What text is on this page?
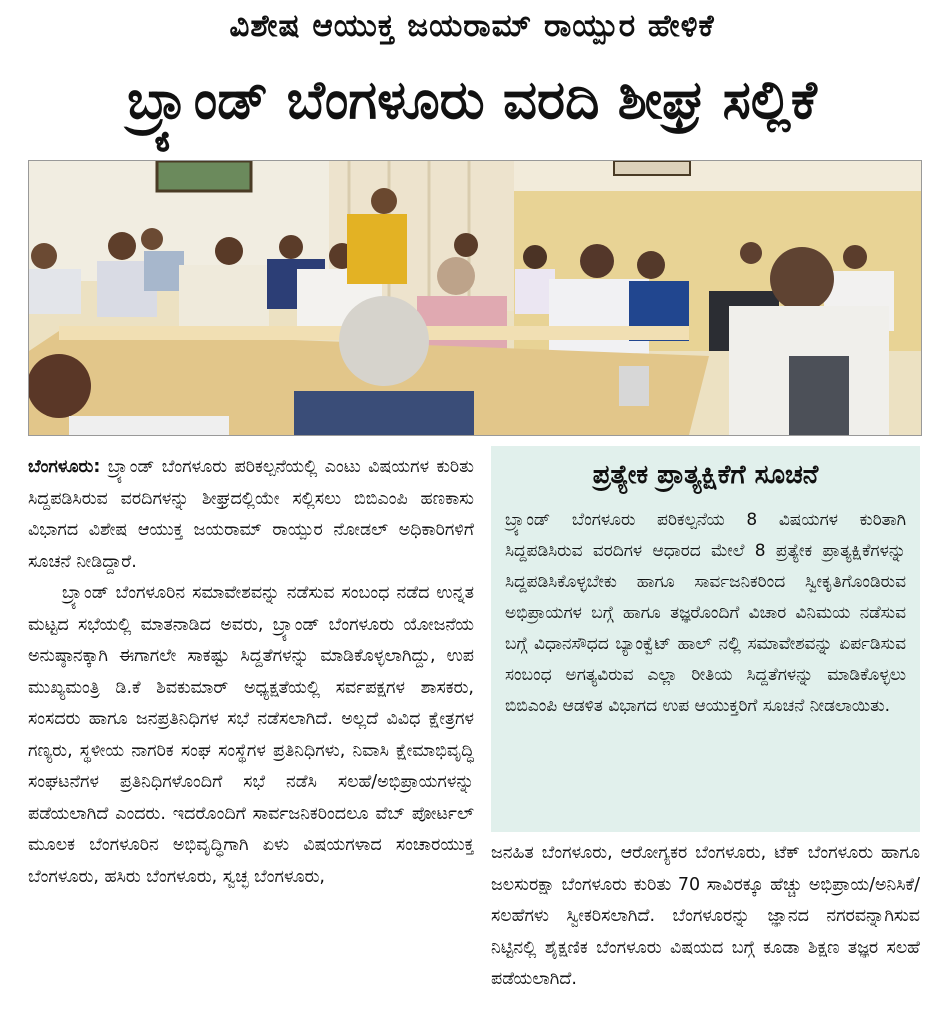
ವಿಶೇಷ ಆಯುಕ್ತ ಜಯರಾಮ್ ರಾಯ್ಪುರ ಹೇಳಿಕೆ
ಬ್ರ್ಯಾಂಡ್ ಬೆಂಗಳೂರು ವರದಿ ಶೀಘ್ರ ಸಲ್ಲಿಕೆ

ಬೆಂಗಳೂರು: ಬ್ರ್ಯಾಂಡ್ ಬೆಂಗಳೂರು ಪರಿಕಲ್ಪನೆಯಲ್ಲಿ ಎಂಟು ವಿಷಯಗಳ ಕುರಿತು ಸಿದ್ದಪಡಿಸಿರುವ ವರದಿಗಳನ್ನು ಶೀಘ್ರದಲ್ಲಿಯೇ ಸಲ್ಲಿಸಲು ಬಿಬಿಎಂಪಿ ಹಣಕಾಸು ವಿಭಾಗದ ವಿಶೇಷ ಆಯುಕ್ತ ಜಯರಾಮ್ ರಾಯ್ಪುರ ನೋಡಲ್ ಅಧಿಕಾರಿಗಳಿಗೆ ಸೂಚನೆ ನೀಡಿದ್ದಾರೆ.

ಬ್ರ್ಯಾಂಡ್ ಬೆಂಗಳೂರಿನ ಸಮಾವೇಶವನ್ನು ನಡೆಸುವ ಸಂಬಂಧ ನಡೆದ ಉನ್ನತ ಮಟ್ಟದ ಸಭೆಯಲ್ಲಿ ಮಾತನಾಡಿದ ಅವರು, ಬ್ರ್ಯಾಂಡ್ ಬೆಂಗಳೂರು ಯೋಜನೆಯ ಅನುಷ್ಠಾನಕ್ಕಾಗಿ ಈಗಾಗಲೇ ಸಾಕಷ್ಟು ಸಿದ್ದತೆಗಳನ್ನು ಮಾಡಿಕೊಳ್ಳಲಾಗಿದ್ದು, ಉಪ ಮುಖ್ಯಮಂತ್ರಿ ಡಿ.ಕೆ ಶಿವಕುಮಾರ್ ಅಧ್ಯಕ್ಷತೆಯಲ್ಲಿ ಸರ್ವಪಕ್ಷಗಳ ಶಾಸಕರು, ಸಂಸದರು ಹಾಗೂ ಜನಪ್ರತಿನಿಧಿಗಳ ಸಭೆ ನಡೆಸಲಾಗಿದೆ. ಅಲ್ಲದೆ ವಿವಿಧ ಕ್ಷೇತ್ರಗಳ ಗಣ್ಯರು, ಸ್ಥಳೀಯ ನಾಗರಿಕ ಸಂಘ ಸಂಸ್ಥೆಗಳ ಪ್ರತಿನಿಧಿಗಳು, ನಿವಾಸಿ ಕ್ಷೇಮಾಭಿವೃದ್ಧಿ ಸಂಘಟನೆಗಳ ಪ್ರತಿನಿಧಿಗಳೊಂದಿಗೆ ಸಭೆ ನಡೆಸಿ ಸಲಹೆ/ಅಭಿಪ್ರಾಯಗಳನ್ನು ಪಡೆಯಲಾಗಿದೆ ಎಂದರು. ಇದರೊಂದಿಗೆ ಸಾರ್ವಜನಿಕರಿಂದಲೂ ವೆಬ್ ಪೋರ್ಟಲ್ ಮೂಲಕ ಬೆಂಗಳೂರಿನ ಅಭಿವೃದ್ಧಿಗಾಗಿ ಏಳು ವಿಷಯಗಳಾದ ಸಂಚಾರಯುಕ್ತ ಬೆಂಗಳೂರು, ಹಸಿರು ಬೆಂಗಳೂರು, ಸ್ವಚ್ಛ ಬೆಂಗಳೂರು,

ಪ್ರತ್ಯೇಕ ಪ್ರಾತ್ಯಕ್ಷಿಕೆಗೆ ಸೂಚನೆ

ಬ್ರ್ಯಾಂಡ್ ಬೆಂಗಳೂರು ಪರಿಕಲ್ಪನೆಯ 8 ವಿಷಯಗಳ ಕುರಿತಾಗಿ ಸಿದ್ದಪಡಿಸಿರುವ ವರದಿಗಳ ಆಧಾರದ ಮೇಲೆ 8 ಪ್ರತ್ಯೇಕ ಪ್ರಾತ್ಯಕ್ಷಿಕೆಗಳನ್ನು ಸಿದ್ದಪಡಿಸಿಕೊಳ್ಳಬೇಕು ಹಾಗೂ ಸಾರ್ವಜನಿಕರಿಂದ ಸ್ವೀಕೃತಿಗೊಂಡಿರುವ ಅಭಿಪ್ರಾಯಗಳ ಬಗ್ಗೆ ಹಾಗೂ ತಜ್ಞರೊಂದಿಗೆ ವಿಚಾರ ವಿನಿಮಯ ನಡೆಸುವ ಬಗ್ಗೆ ವಿಧಾನಸೌಧದ ಬ್ಯಾಂಕ್ವೆಟ್ ಹಾಲ್ ನಲ್ಲಿ ಸಮಾವೇಶವನ್ನು ಏರ್ಪಡಿಸುವ ಸಂಬಂಧ ಅಗತ್ಯವಿರುವ ಎಲ್ಲಾ ರೀತಿಯ ಸಿದ್ದತೆಗಳನ್ನು ಮಾಡಿಕೊಳ್ಳಲು ಬಿಬಿಎಂಪಿ ಆಡಳಿತ ವಿಭಾಗದ ಉಪ ಆಯುಕ್ತರಿಗೆ ಸೂಚನೆ ನೀಡಲಾಯಿತು.

ಜನಹಿತ ಬೆಂಗಳೂರು, ಆರೋಗ್ಯಕರ ಬೆಂಗಳೂರು, ಟೆಕ್ ಬೆಂಗಳೂರು ಹಾಗೂ ಜಲಸುರಕ್ಷಾ ಬೆಂಗಳೂರು ಕುರಿತು 70 ಸಾವಿರಕ್ಕೂ ಹೆಚ್ಚು ಅಭಿಪ್ರಾಯ/ಅನಿಸಿಕೆ/ಸಲಹೆಗಳು ಸ್ವೀಕರಿಸಲಾಗಿದೆ. ಬೆಂಗಳೂರನ್ನು ಜ್ಞಾನದ ನಗರವನ್ನಾಗಿಸುವ ನಿಟ್ಟಿನಲ್ಲಿ ಶೈಕ್ಷಣಿಕ ಬೆಂಗಳೂರು ವಿಷಯದ ಬಗ್ಗೆ ಕೂಡಾ ಶಿಕ್ಷಣ ತಜ್ಞರ ಸಲಹೆ ಪಡೆಯಲಾಗಿದೆ.
